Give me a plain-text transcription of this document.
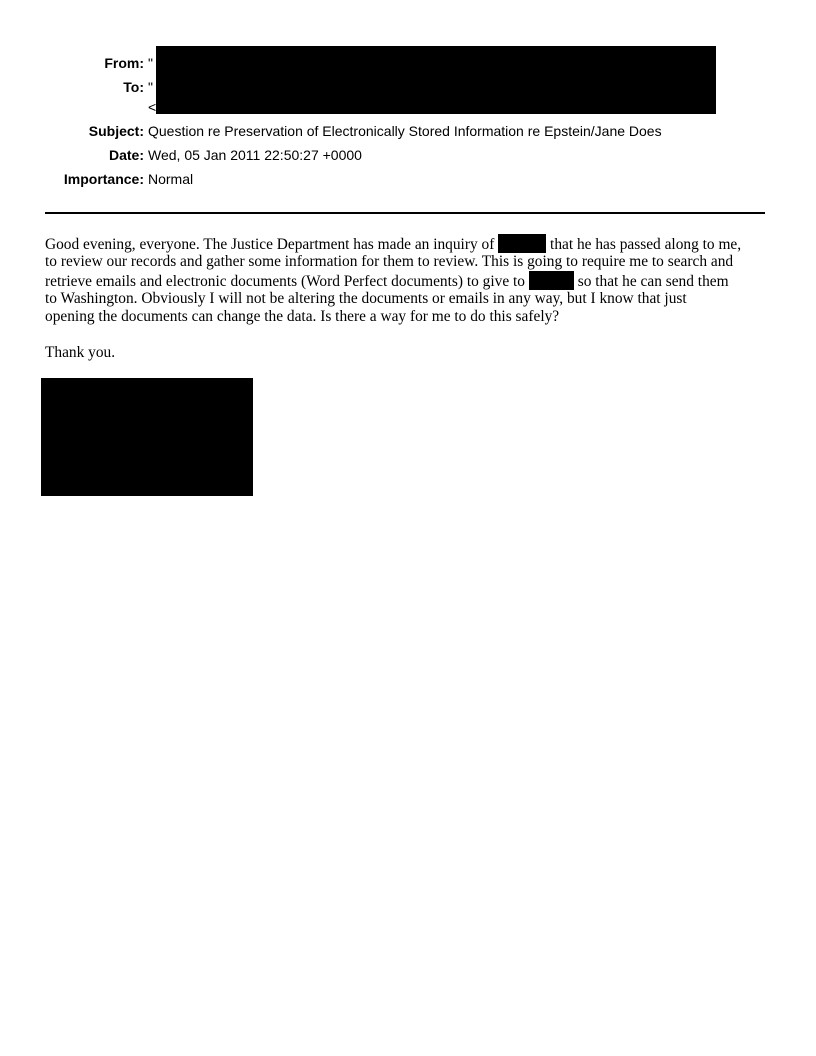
From: "
To: "
<
Subject: Question re Preservation of Electronically Stored Information re Epstein/Jane Does
Date: Wed, 05 Jan 2011 22:50:27 +0000
Importance: Normal
Good evening, everyone. The Justice Department has made an inquiry of	that he has passed along to me,
to review our records and gather some information for them to review. This is going to require me to search and
retrieve emails and electronic documents (Word Perfect documents) to give to	so that he can send them
to Washington. Obviously I will not be altering the documents or emails in any way, but I know that just
opening the documents can change the data. Is there a way for me to do this safely?
Thank you.
